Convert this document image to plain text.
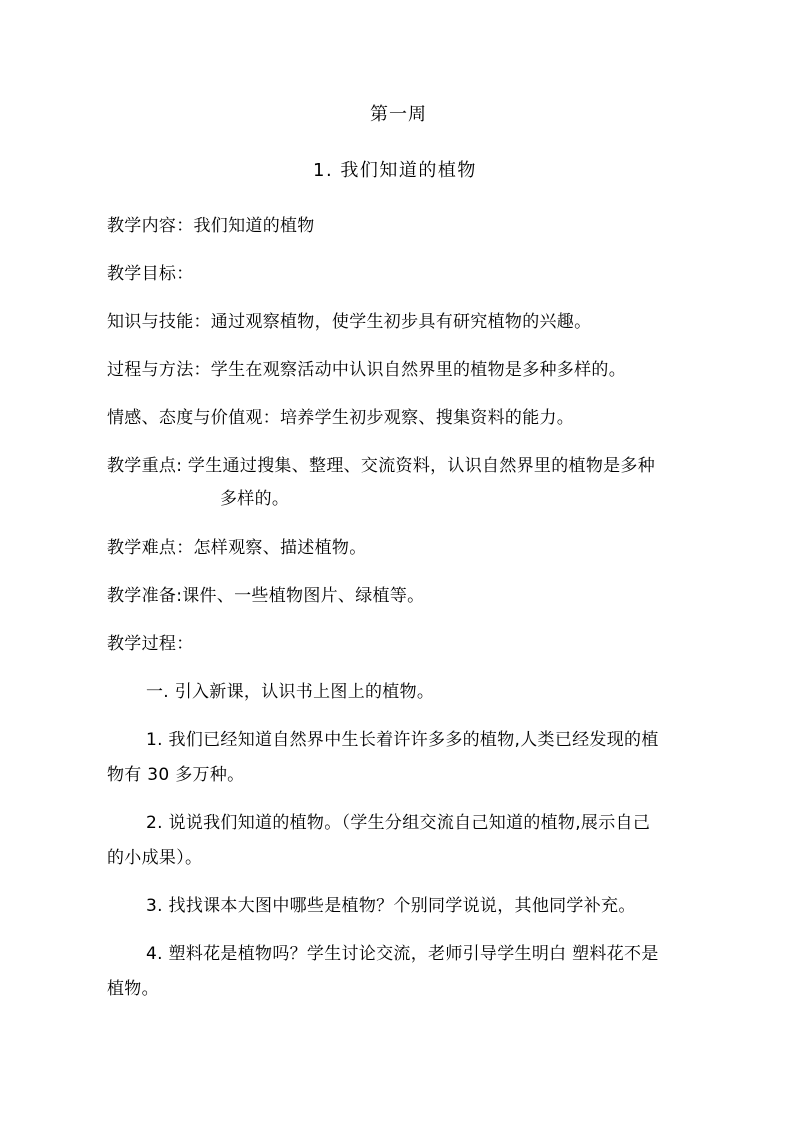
第一周
1. 我们知道的植物
教学内容：我们知道的植物
教学目标：
知识与技能：通过观察植物，使学生初步具有研究植物的兴趣。
过程与方法：学生在观察活动中认识自然界里的植物是多种多样的。
情感、态度与价值观：培养学生初步观察、搜集资料的能力。
教学重点: 学生通过搜集、整理、交流资料，认识自然界里的植物是多种
多样的。
教学难点：怎样观察、描述植物。
教学准备:课件、一些植物图片、绿植等。
教学过程：
一. 引入新课，认识书上图上的植物。
1. 我们已经知道自然界中生长着许许多多的植物,人类已经发现的植
物有 30 多万种。
2. 说说我们知道的植物。（学生分组交流自己知道的植物,展示自己
的小成果）。
3. 找找课本大图中哪些是植物？个别同学说说，其他同学补充。
4. 塑料花是植物吗？学生讨论交流，老师引导学生明白 塑料花不是
植物。
